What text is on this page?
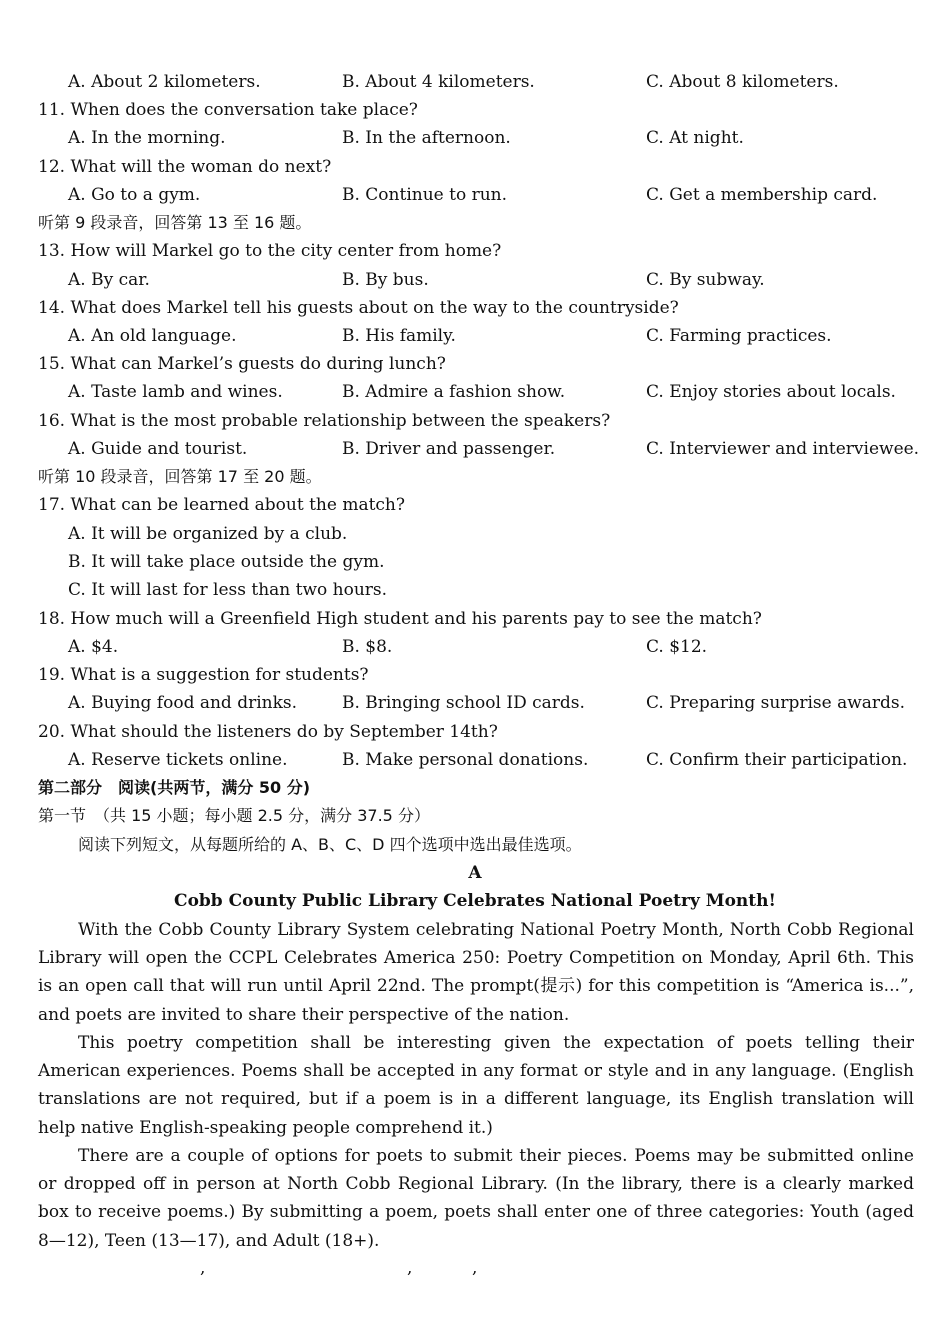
A. About 2 kilometers.	B. About 4 kilometers.	C. About 8 kilometers.
11. When does the conversation take place?
A. In the morning.	B. In the afternoon.	C. At night.
12. What will the woman do next?
A. Go to a gym.	B. Continue to run.	C. Get a membership card.
听第 9 段录音，回答第 13 至 16 题。
13. How will Markel go to the city center from home?
A. By car.	B. By bus.	C. By subway.
14. What does Markel tell his guests about on the way to the countryside?
A. An old language.	B. His family.	C. Farming practices.
15. What can Markel’s guests do during lunch?
A. Taste lamb and wines.	B. Admire a fashion show.	C. Enjoy stories about locals.
16. What is the most probable relationship between the speakers?
A. Guide and tourist.	B. Driver and passenger.	C. Interviewer and interviewee.
听第 10 段录音，回答第 17 至 20 题。
17. What can be learned about the match?
A. It will be organized by a club.
B. It will take place outside the gym.
C. It will last for less than two hours.
18. How much will a Greenfield High student and his parents pay to see the match?
A. $4.	B. $8.	C. $12.
19. What is a suggestion for students?
A. Buying food and drinks.	B. Bringing school ID cards.	C. Preparing surprise awards.
20. What should the listeners do by September 14th?
A. Reserve tickets online.	B. Make personal donations.	C. Confirm their participation.
第二部分　阅读(共两节，满分 50 分)
第一节　（共 15 小题；每小题 2.5 分，满分 37.5 分）
阅读下列短文，从每题所给的 A、B、C、D 四个选项中选出最佳选项。
A
Cobb County Public Library Celebrates National Poetry Month!
With the Cobb County Library System celebrating National Poetry Month, North Cobb Regional Library will open the CCPL Celebrates America 250: Poetry Competition on Monday, April 6th. This is an open call that will run until April 22nd. The prompt(提示) for this competition is “America is...”, and poets are invited to share their perspective of the nation.
This poetry competition shall be interesting given the expectation of poets telling their American experiences. Poems shall be accepted in any format or style and in any language. (English translations are not required, but if a poem is in a different language, its English translation will help native English-speaking people comprehend it.)
There are a couple of options for poets to submit their pieces. Poems may be submitted online or dropped off in person at North Cobb Regional Library. (In the library, there is a clearly marked box to receive poems.) By submitting a poem, poets shall enter one of three categories: Youth (aged 8—12), Teen (13—17), and Adult (18+).
,	,	,
